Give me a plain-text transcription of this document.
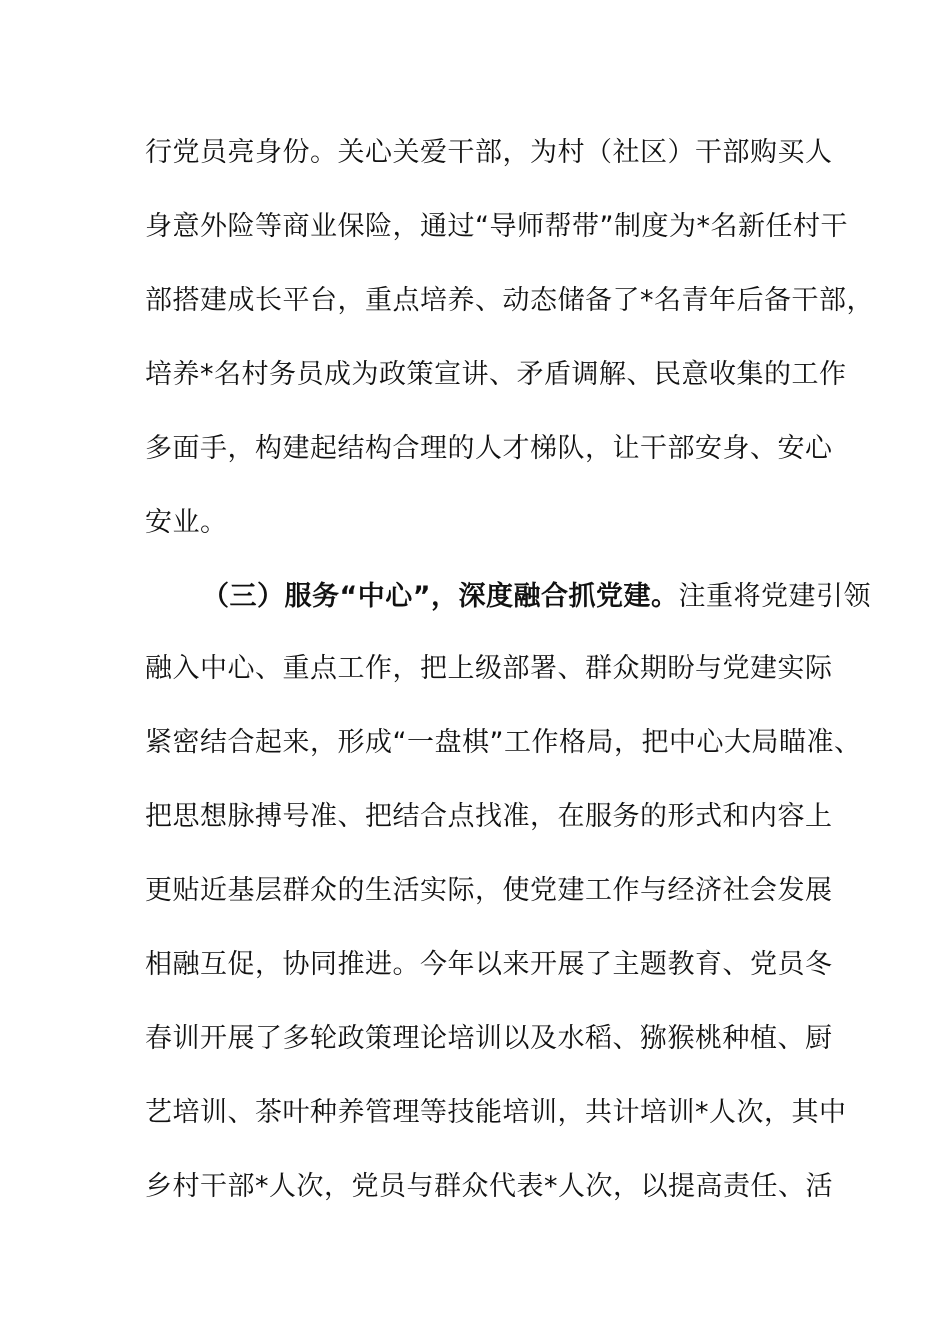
行党员亮身份。关心关爱干部，为村（社区）干部购买人
身意外险等商业保险，通过“导师帮带”制度为*名新任村干
部搭建成长平台，重点培养、动态储备了*名青年后备干部，
培养*名村务员成为政策宣讲、矛盾调解、民意收集的工作
多面手，构建起结构合理的人才梯队，让干部安身、安心
安业。
（三）服务“中心”，深度融合抓党建。注重将党建引领
融入中心、重点工作，把上级部署、群众期盼与党建实际
紧密结合起来，形成“一盘棋”工作格局，把中心大局瞄准、
把思想脉搏号准、把结合点找准，在服务的形式和内容上
更贴近基层群众的生活实际，使党建工作与经济社会发展
相融互促，协同推进。今年以来开展了主题教育、党员冬
春训开展了多轮政策理论培训以及水稻、猕猴桃种植、厨
艺培训、茶叶种养管理等技能培训，共计培训*人次，其中
乡村干部*人次，党员与群众代表*人次，以提高责任、活
